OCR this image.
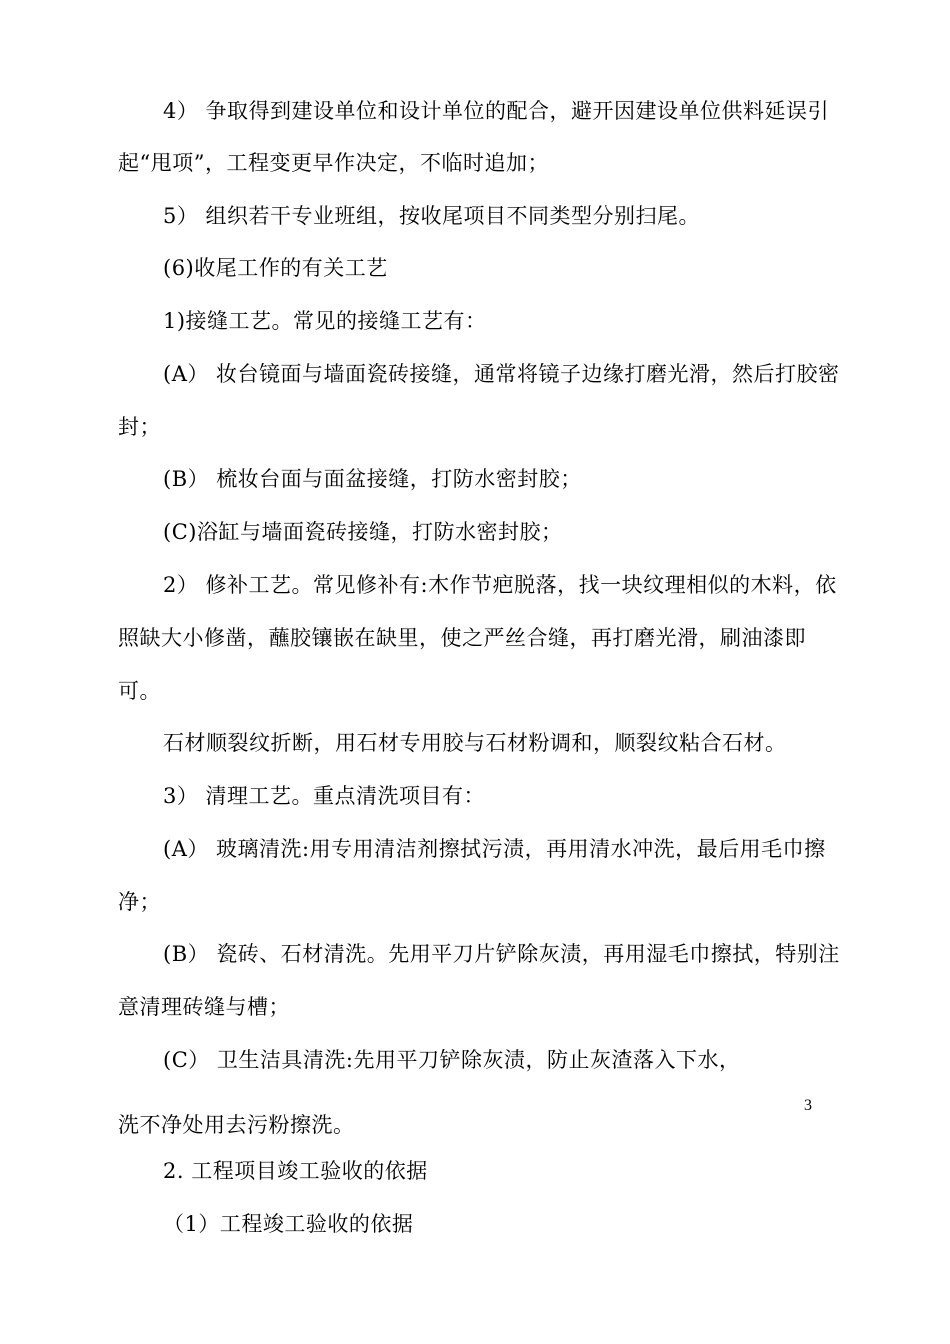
4） 争取得到建设单位和设计单位的配合，避开因建设单位供料延误引
起“甩项”，工程变更早作决定，不临时追加；
5） 组织若干专业班组，按收尾项目不同类型分别扫尾。
(6)收尾工作的有关工艺
1)接缝工艺。常见的接缝工艺有：
(A） 妆台镜面与墙面瓷砖接缝，通常将镜子边缘打磨光滑，然后打胶密
封；
(B） 梳妆台面与面盆接缝，打防水密封胶；
(C)浴缸与墙面瓷砖接缝，打防水密封胶；
2） 修补工艺。常见修补有:木作节疤脱落，找一块纹理相似的木料，依
照缺大小修凿，蘸胶镶嵌在缺里，使之严丝合缝，再打磨光滑，刷油漆即
可。
石材顺裂纹折断，用石材专用胶与石材粉调和，顺裂纹粘合石材。
3） 清理工艺。重点清洗项目有：
(A） 玻璃清洗:用专用清洁剂擦拭污渍，再用清水冲洗，最后用毛巾擦
净；
(B） 瓷砖、石材清洗。先用平刀片铲除灰渍，再用湿毛巾擦拭，特别注
意清理砖缝与槽；
(C） 卫生洁具清洗:先用平刀铲除灰渍，防止灰渣落入下水，
3
洗不净处用去污粉擦洗。
2. 工程项目竣工验收的依据
（1）工程竣工验收的依据
